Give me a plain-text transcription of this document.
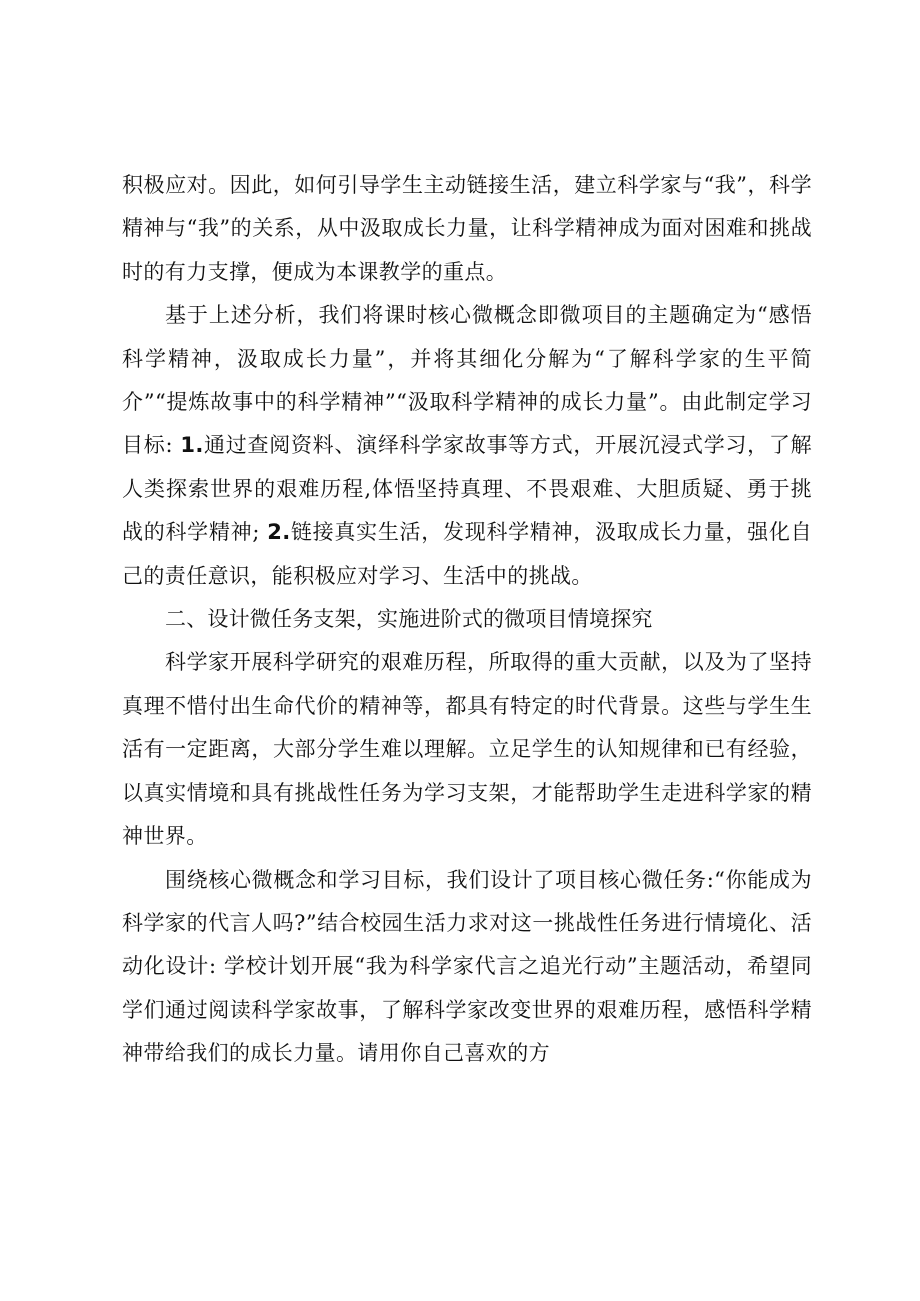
积极应对。因此，如何引导学生主动链接生活，建立科学家与“我”，科学精神与“我”的关系，从中汲取成长力量，让科学精神成为面对困难和挑战时的有力支撑，便成为本课教学的重点。

基于上述分析，我们将课时核心微概念即微项目的主题确定为“感悟科学精神，汲取成长力量”，并将其细化分解为“了解科学家的生平简介”“提炼故事中的科学精神”“汲取科学精神的成长力量”。由此制定学习目标: 1.通过查阅资料、演绎科学家故事等方式，开展沉浸式学习，了解人类探索世界的艰难历程,体悟坚持真理、不畏艰难、大胆质疑、勇于挑战的科学精神; 2.链接真实生活，发现科学精神，汲取成长力量，强化自己的责任意识，能积极应对学习、生活中的挑战。

二、设计微任务支架，实施进阶式的微项目情境探究

科学家开展科学研究的艰难历程，所取得的重大贡献，以及为了坚持真理不惜付出生命代价的精神等，都具有特定的时代背景。这些与学生生活有一定距离，大部分学生难以理解。立足学生的认知规律和已有经验，以真实情境和具有挑战性任务为学习支架，才能帮助学生走进科学家的精神世界。

围绕核心微概念和学习目标，我们设计了项目核心微任务:“你能成为科学家的代言人吗?”结合校园生活力求对这一挑战性任务进行情境化、活动化设计: 学校计划开展“我为科学家代言之追光行动”主题活动，希望同学们通过阅读科学家故事，了解科学家改变世界的艰难历程，感悟科学精神带给我们的成长力量。请用你自己喜欢的方
